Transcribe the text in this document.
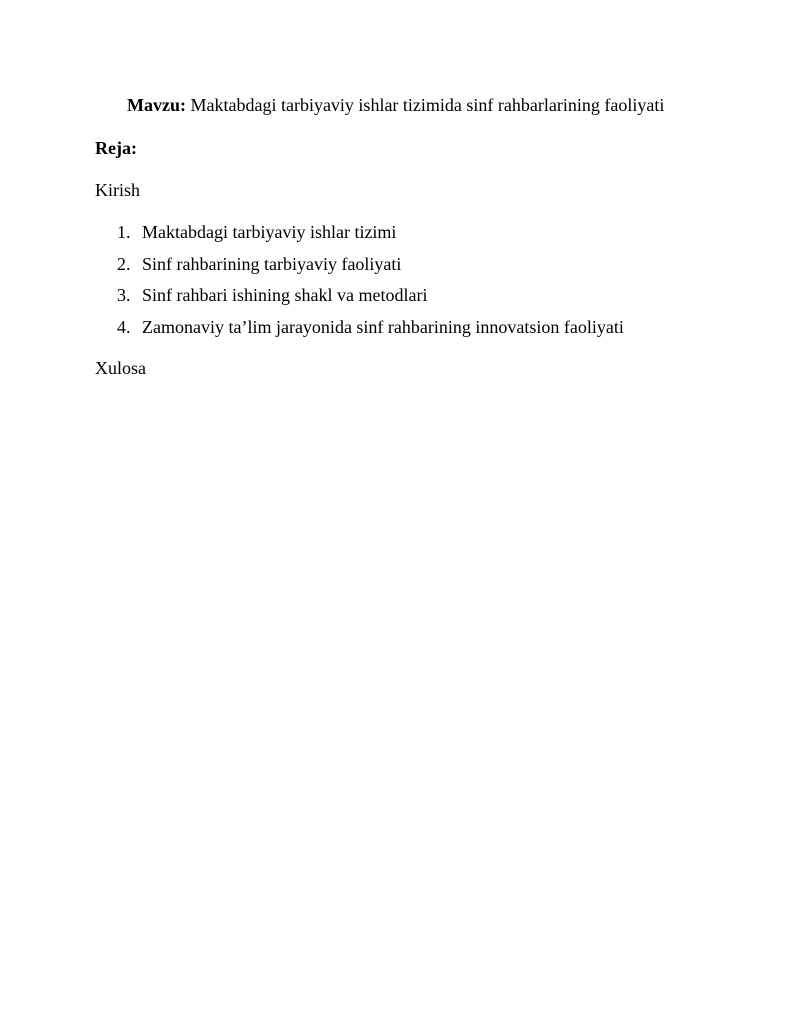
Mavzu: Maktabdagi tarbiyaviy ishlar tizimida sinf rahbarlarining faoliyati
Reja:
Kirish
1. Maktabdagi tarbiyaviy ishlar tizimi
2. Sinf rahbarining tarbiyaviy faoliyati
3. Sinf rahbari ishining shakl va metodlari
4. Zamonaviy ta’lim jarayonida sinf rahbarining innovatsion faoliyati
Xulosa
